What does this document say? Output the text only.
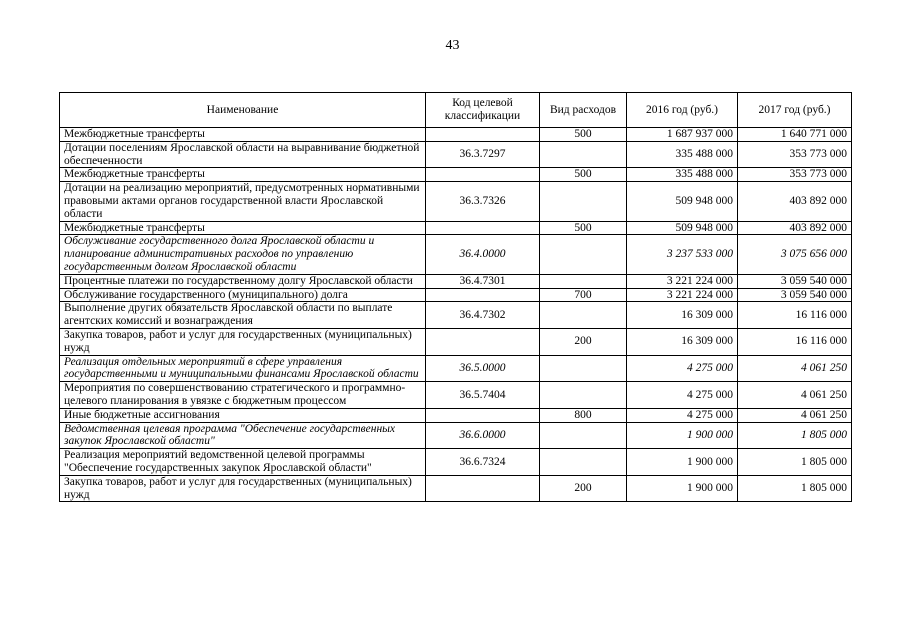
43
Наименование	Код целевой классификации	Вид расходов	2016 год (руб.)	2017 год (руб.)
Межбюджетные трансферты		500	1 687 937 000	1 640 771 000
Дотации поселениям Ярославской области на выравнивание бюджетной обеспеченности	36.3.7297		335 488 000	353 773 000
Межбюджетные трансферты		500	335 488 000	353 773 000
Дотации на реализацию мероприятий, предусмотренных нормативными правовыми актами органов государственной власти Ярославской области	36.3.7326		509 948 000	403 892 000
Межбюджетные трансферты		500	509 948 000	403 892 000
Обслуживание государственного долга Ярославской области и планирование административных расходов по управлению государственным долгом Ярославской области	36.4.0000		3 237 533 000	3 075 656 000
Процентные платежи по государственному долгу Ярославской области	36.4.7301		3 221 224 000	3 059 540 000
Обслуживание государственного (муниципального) долга		700	3 221 224 000	3 059 540 000
Выполнение других обязательств Ярославской области по выплате агентских комиссий и вознаграждения	36.4.7302		16 309 000	16 116 000
Закупка товаров, работ и услуг для государственных (муниципальных) нужд		200	16 309 000	16 116 000
Реализация отдельных мероприятий в сфере управления государственными и муниципальными финансами Ярославской области	36.5.0000		4 275 000	4 061 250
Мероприятия по совершенствованию стратегического и программно-целевого планирования в увязке с бюджетным процессом	36.5.7404		4 275 000	4 061 250
Иные бюджетные ассигнования		800	4 275 000	4 061 250
Ведомственная целевая программа "Обеспечение государственных закупок Ярославской области"	36.6.0000		1 900 000	1 805 000
Реализация мероприятий ведомственной целевой программы "Обеспечение государственных закупок Ярославской области"	36.6.7324		1 900 000	1 805 000
Закупка товаров, работ и услуг для государственных (муниципальных) нужд		200	1 900 000	1 805 000
